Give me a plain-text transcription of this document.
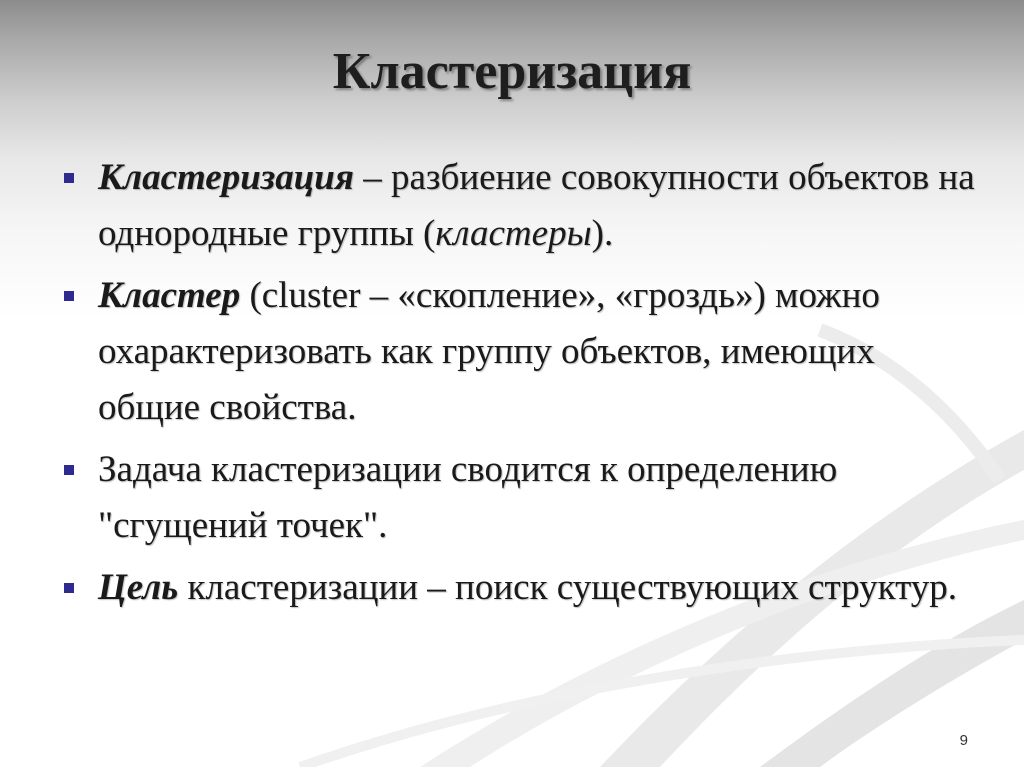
Кластеризация
Кластеризация – разбиение совокупности объектов на однородные группы (кластеры).
Кластер (cluster – «скопление», «гроздь») можно охарактеризовать как группу объектов, имеющих общие свойства.
Задача кластеризации сводится к определению "сгущений точек".
Цель кластеризации – поиск существующих структур.
9
